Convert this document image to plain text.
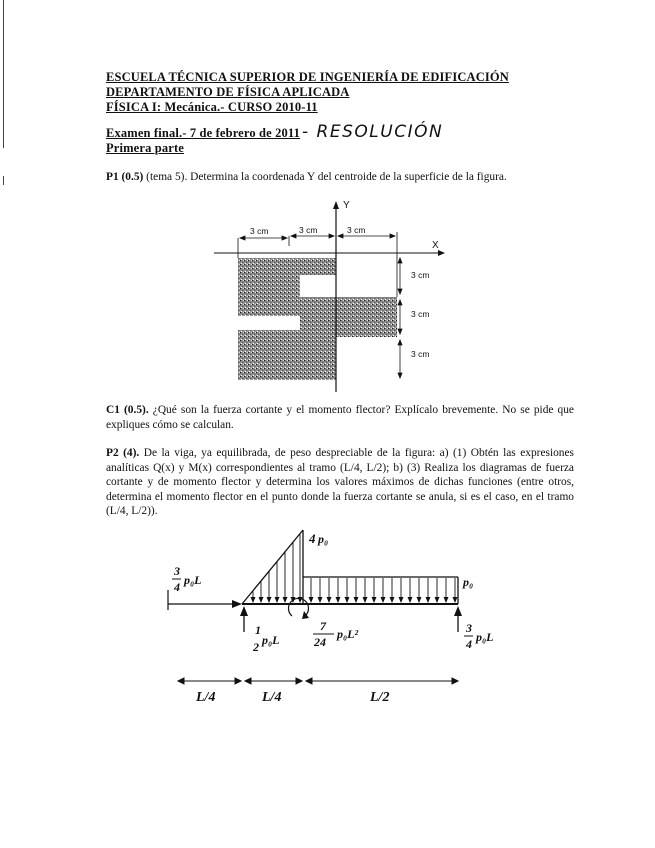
ESCUELA TÉCNICA SUPERIOR DE INGENIERÍA DE EDIFICACIÓN
DEPARTAMENTO DE FÍSICA APLICADA
FÍSICA I: Mecánica.- CURSO 2010-11
Examen final.- 7 de febrero de 2011 - RESOLUCIÓN
Primera parte
P1 (0.5) (tema 5). Determina la coordenada Y del centroide de la superficie de la figura.
Y
X
3 cm	3 cm	3 cm
3 cm
3 cm
3 cm
C1 (0.5). ¿Qué son la fuerza cortante y el momento flector? Explícalo brevemente. No se pide que expliques cómo se calculan.
P2 (4). De la viga, ya equilibrada, de peso despreciable de la figura: a) (1) Obtén las expresiones analíticas Q(x) y M(x) correspondientes al tramo (L/4, L/2); b) (3) Realiza los diagramas de fuerza cortante y de momento flector y determina los valores máximos de dichas funciones (entre otros, determina el momento flector en el punto donde la fuerza cortante se anula, si es el caso, en el tramo (L/4, L/2)).
3
4 p₀L
4 p₀
p₀
1
2 p₀L
7
24
p₀L²	3
4 p₀L
L/4	L/4	L/2
